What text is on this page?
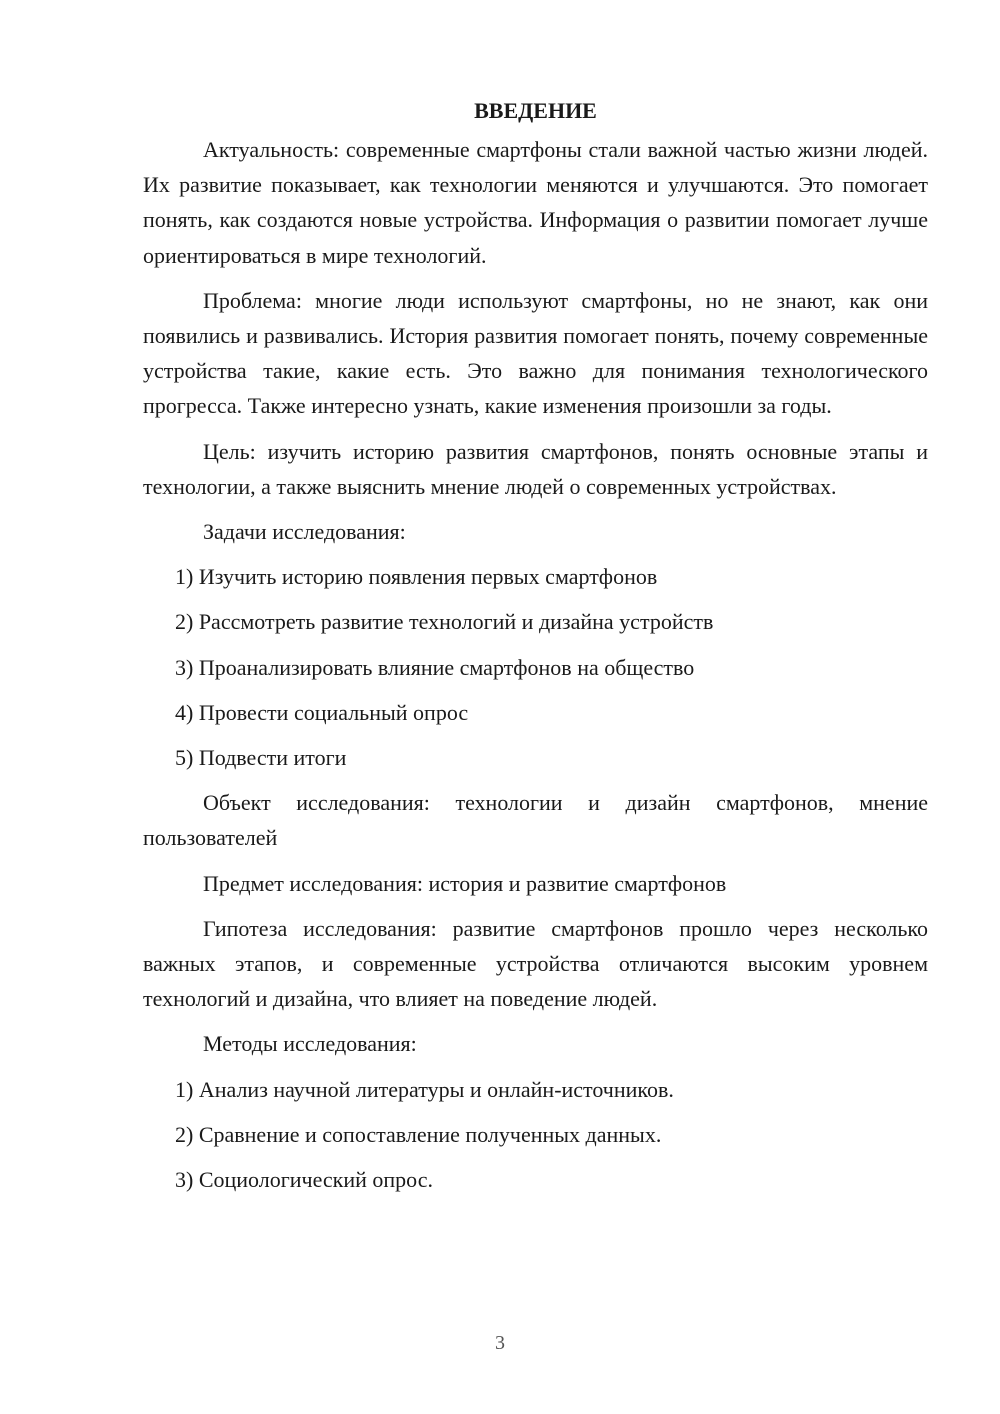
ВВЕДЕНИЕ

Актуальность: современные смартфоны стали важной частью жизни людей. Их развитие показывает, как технологии меняются и улучшаются. Это помогает понять, как создаются новые устройства. Информация о развитии помогает лучше ориентироваться в мире технологий.

Проблема: многие люди используют смартфоны, но не знают, как они появились и развивались. История развития помогает понять, почему современные устройства такие, какие есть. Это важно для понимания технологического прогресса. Также интересно узнать, какие изменения произошли за годы.

Цель: изучить историю развития смартфонов, понять основные этапы и технологии, а также выяснить мнение людей о современных устройствах.

Задачи исследования:

1) Изучить историю появления первых смартфонов
2) Рассмотреть развитие технологий и дизайна устройств
3) Проанализировать влияние смартфонов на общество
4) Провести социальный опрос
5) Подвести итоги

Объект исследования: технологии и дизайн смартфонов, мнение пользователей

Предмет исследования: история и развитие смартфонов

Гипотеза исследования: развитие смартфонов прошло через несколько важных этапов, и современные устройства отличаются высоким уровнем технологий и дизайна, что влияет на поведение людей.

Методы исследования:

1) Анализ научной литературы и онлайн-источников.
2) Сравнение и сопоставление полученных данных.
3) Социологический опрос.
3
